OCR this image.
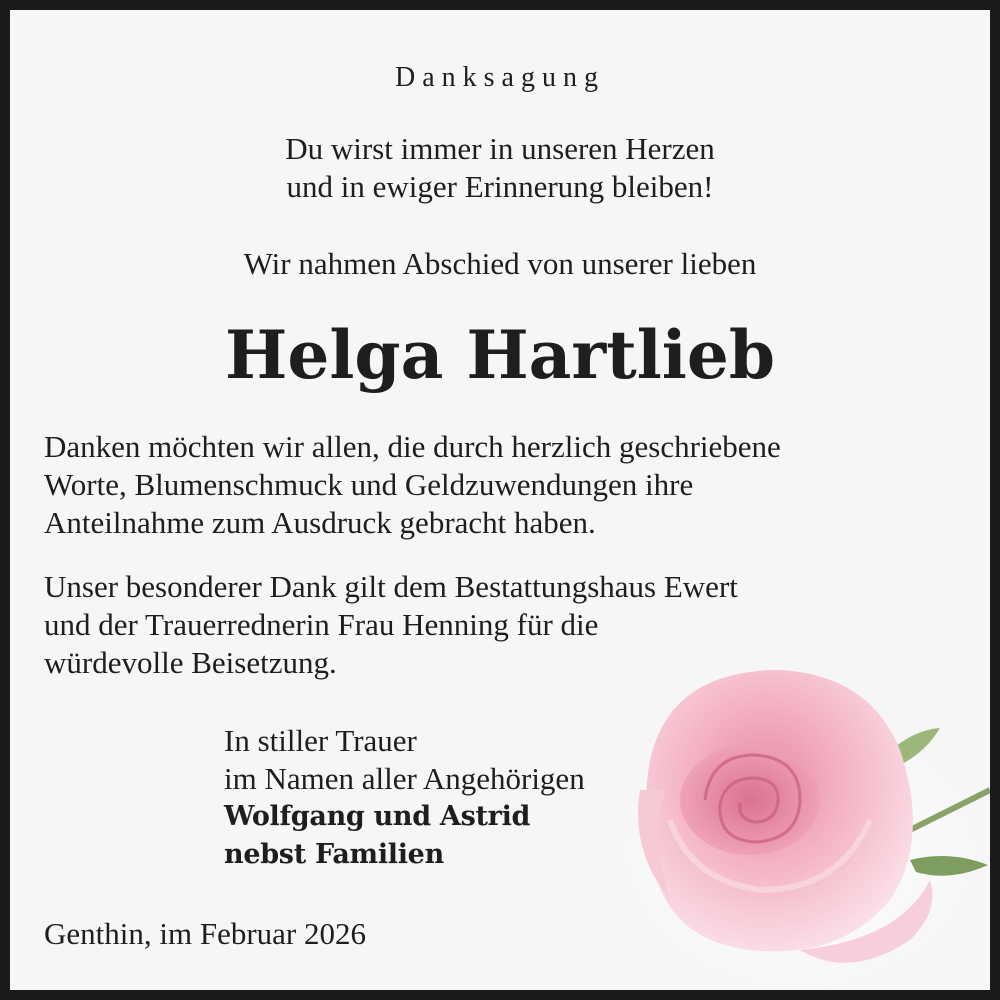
Danksagung
Du wirst immer in unseren Herzen
und in ewiger Erinnerung bleiben!
Wir nahmen Abschied von unserer lieben
Helga Hartlieb
Danken möchten wir allen, die durch herzlich geschriebene
Worte, Blumenschmuck und Geldzuwendungen ihre
Anteilnahme zum Ausdruck gebracht haben.
Unser besonderer Dank gilt dem Bestattungshaus Ewert
und der Trauerrednerin Frau Henning für die
würdevolle Beisetzung.
In stiller Trauer
im Namen aller Angehörigen
Wolfgang und Astrid
nebst Familien
Genthin, im Februar 2026
